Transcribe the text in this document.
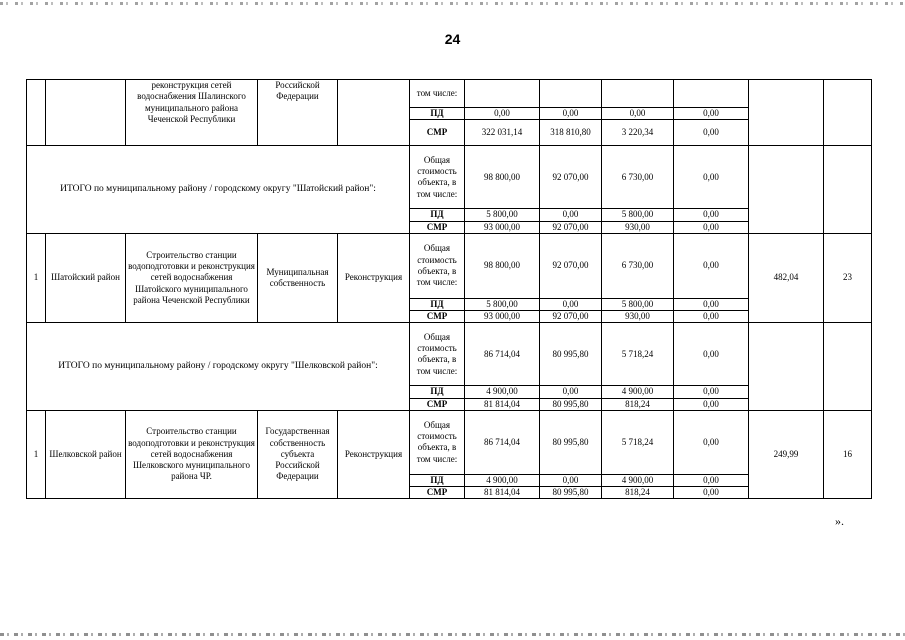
24
		реконструкция сетей водоснабжения Шалинского муниципального района Чеченской Республики	Российской Федерации		том числе:						
					ПД	0,00	0,00	0,00	0,00		
					СМР	322 031,14	318 810,80	3 220,34	0,00		
ИТОГО по муниципальному району / городскому округу "Шатойский район":					Общая стоимость объекта, в том числе:	98 800,00	92 070,00	6 730,00	0,00		
					ПД	5 800,00	0,00	5 800,00	0,00		
					СМР	93 000,00	92 070,00	930,00	0,00		
1	Шатойский район	Строительство станции водоподготовки и реконструкция сетей водоснабжения Шатойского муниципального района Чеченской Республики	Муниципальная собственность	Реконструкция	Общая стоимость объекта, в том числе:	98 800,00	92 070,00	6 730,00	0,00	482,04	23
					ПД	5 800,00	0,00	5 800,00	0,00		
					СМР	93 000,00	92 070,00	930,00	0,00		
ИТОГО по муниципальному району / городскому округу "Шелковской район":					Общая стоимость объекта, в том числе:	86 714,04	80 995,80	5 718,24	0,00		
					ПД	4 900,00	0,00	4 900,00	0,00		
					СМР	81 814,04	80 995,80	818,24	0,00		
1	Шелковской район	Строительство станции водоподготовки и реконструкция сетей водоснабжения Шелковского муниципального района ЧР.	Государственная собственность субъекта Российской Федерации	Реконструкция	Общая стоимость объекта, в том числе:	86 714,04	80 995,80	5 718,24	0,00	249,99	16
					ПД	4 900,00	0,00	4 900,00	0,00		
					СМР	81 814,04	80 995,80	818,24	0,00		
».
